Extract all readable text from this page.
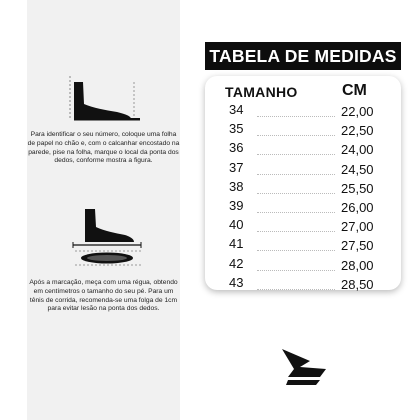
Para identificar o seu número, coloque uma folha de papel no chão e, com o calcanhar encostado na parede, pise na folha, marque o local da ponta dos dedos, conforme mostra a figura.
Após a marcação, meça com uma régua, obtendo em centímetros o tamanho do seu pé. Para um tênis de corrida, recomenda-se uma folga de 1cm para evitar lesão na ponta dos dedos.
TABELA DE MEDIDAS
TAMANHO	CM
34	22,00
35	22,50
36	24,00
37	24,50
38	25,50
39	26,00
40	27,00
41	27,50
42	28,00
43	28,50
